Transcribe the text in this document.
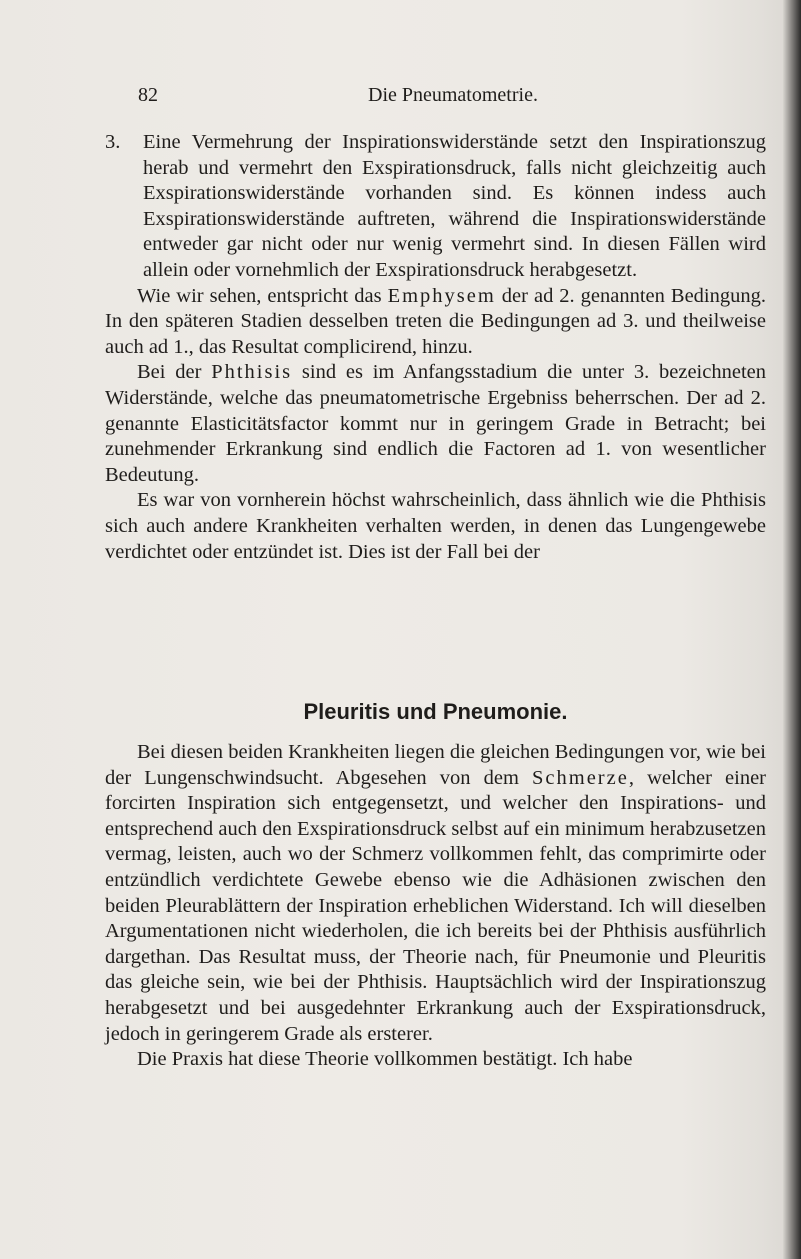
82	Die Pneumatometrie.

3. Eine Vermehrung der Inspirationswiderstände setzt den Inspirationszug herab und vermehrt den Exspirationsdruck, falls nicht gleichzeitig auch Exspirationswiderstände vorhanden sind. Es können indess auch Exspirationswiderstände auftreten, während die Inspirationswiderstände entweder gar nicht oder nur wenig vermehrt sind. In diesen Fällen wird allein oder vornehmlich der Exspirationsdruck herabgesetzt.

Wie wir sehen, entspricht das Emphysem der ad 2. genannten Bedingung. In den späteren Stadien desselben treten die Bedingungen ad 3. und theilweise auch ad 1., das Resultat complicirend, hinzu.

Bei der Phthisis sind es im Anfangsstadium die unter 3. bezeichneten Widerstände, welche das pneumatometrische Ergebniss beherrschen. Der ad 2. genannte Elasticitätsfactor kommt nur in geringem Grade in Betracht; bei zunehmender Erkrankung sind endlich die Factoren ad 1. von wesentlicher Bedeutung.

Es war von vornherein höchst wahrscheinlich, dass ähnlich wie die Phthisis sich auch andere Krankheiten verhalten werden, in denen das Lungengewebe verdichtet oder entzündet ist. Dies ist der Fall bei der

Pleuritis und Pneumonie.

Bei diesen beiden Krankheiten liegen die gleichen Bedingungen vor, wie bei der Lungenschwindsucht. Abgesehen von dem Schmerze, welcher einer forcirten Inspiration sich entgegensetzt, und welcher den Inspirations- und entsprechend auch den Exspirationsdruck selbst auf ein minimum herabzusetzen vermag, leisten, auch wo der Schmerz vollkommen fehlt, das comprimirte oder entzündlich verdichtete Gewebe ebenso wie die Adhäsionen zwischen den beiden Pleurablättern der Inspiration erheblichen Widerstand. Ich will dieselben Argumentationen nicht wiederholen, die ich bereits bei der Phthisis ausführlich dargethan. Das Resultat muss, der Theorie nach, für Pneumonie und Pleuritis das gleiche sein, wie bei der Phthisis. Hauptsächlich wird der Inspirationszug herabgesetzt und bei ausgedehnter Erkrankung auch der Exspirationsdruck, jedoch in geringerem Grade als ersterer.

Die Praxis hat diese Theorie vollkommen bestätigt. Ich habe
